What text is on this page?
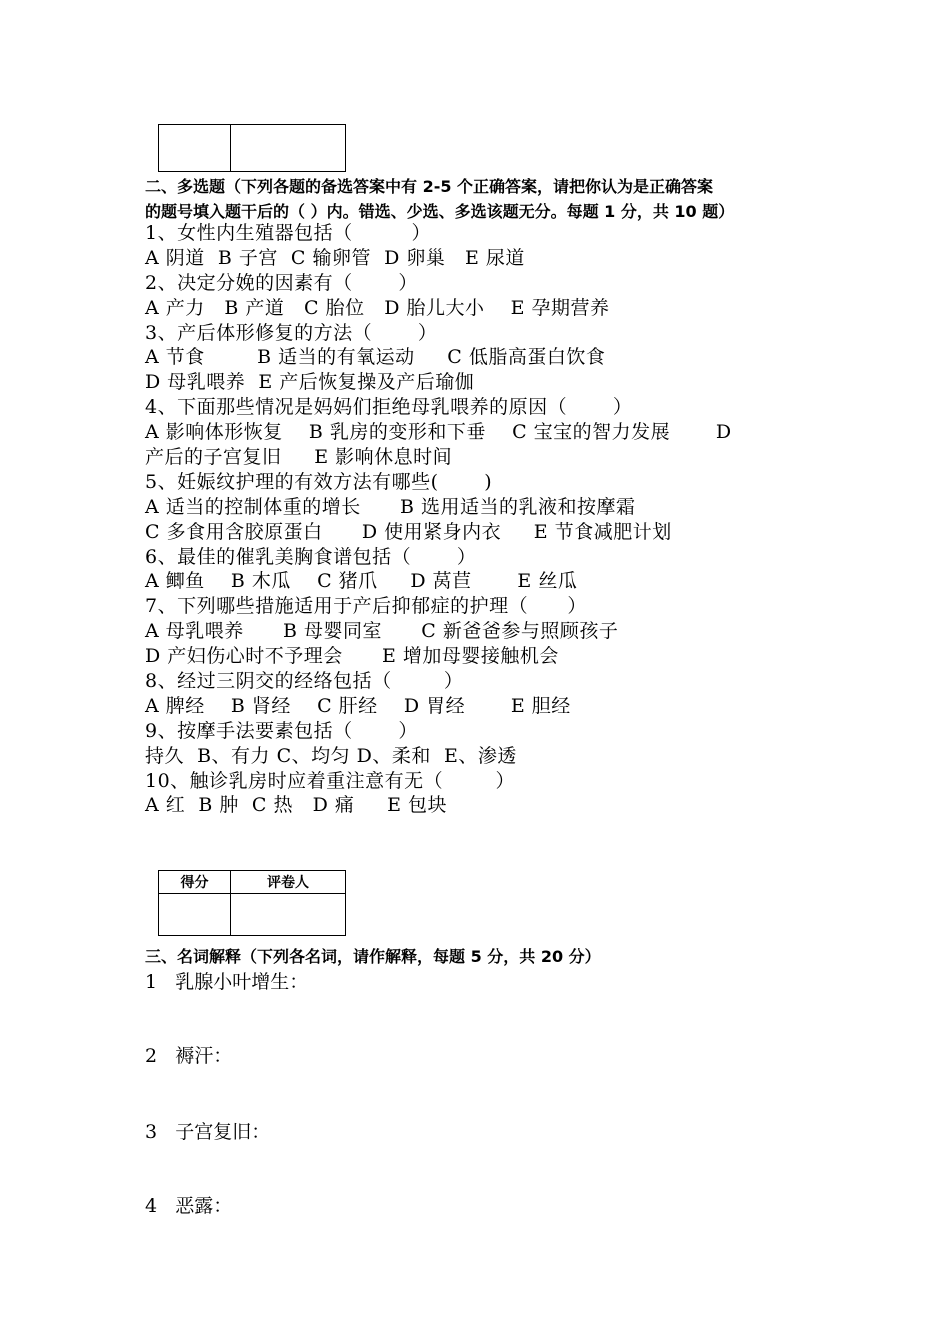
二、多选题（下列各题的备选答案中有 2-5 个正确答案，请把你认为是正确答案
的题号填入题干后的（ ）内。错选、少选、多选该题无分。每题 1 分，共 10 题）
1、女性内生殖器包括（         ）
A 阴道  B 子宫  C 输卵管  D 卵巢   E 尿道
2、决定分娩的因素有（       ）
A 产力   B 产道   C 胎位   D 胎儿大小    E 孕期营养
3、产后体形修复的方法（       ）
A 节食        B 适当的有氧运动     C 低脂高蛋白饮食
D 母乳喂养  E 产后恢复操及产后瑜伽
4、下面那些情况是妈妈们拒绝母乳喂养的原因（       ）
A 影响体形恢复    B 乳房的变形和下垂    C 宝宝的智力发展       D
产后的子宫复旧     E 影响休息时间
5、妊娠纹护理的有效方法有哪些(       )
A 适当的控制体重的增长      B 选用适当的乳液和按摩霜
C 多食用含胶原蛋白      D 使用紧身内衣     E 节食减肥计划
6、最佳的催乳美胸食谱包括（       ）
A 鲫鱼    B 木瓜    C 猪爪     D 莴苣       E 丝瓜
7、下列哪些措施适用于产后抑郁症的护理（      ）
A 母乳喂养      B 母婴同室      C 新爸爸参与照顾孩子
D 产妇伤心时不予理会      E 增加母婴接触机会
8、经过三阴交的经络包括（        ）
A 脾经    B 肾经    C 肝经    D 胃经       E 胆经
9、按摩手法要素包括（       ）
持久  B、有力 C、均匀 D、柔和  E、渗透
10、触诊乳房时应着重注意有无（        ）
A 红  B 肿  C 热   D 痛     E 包块
得分	评卷人

三、名词解释（下列各名词，请作解释，每题 5 分，共 20 分）
1   乳腺小叶增生：
2   褥汗：
3   子宫复旧：
4   恶露：
